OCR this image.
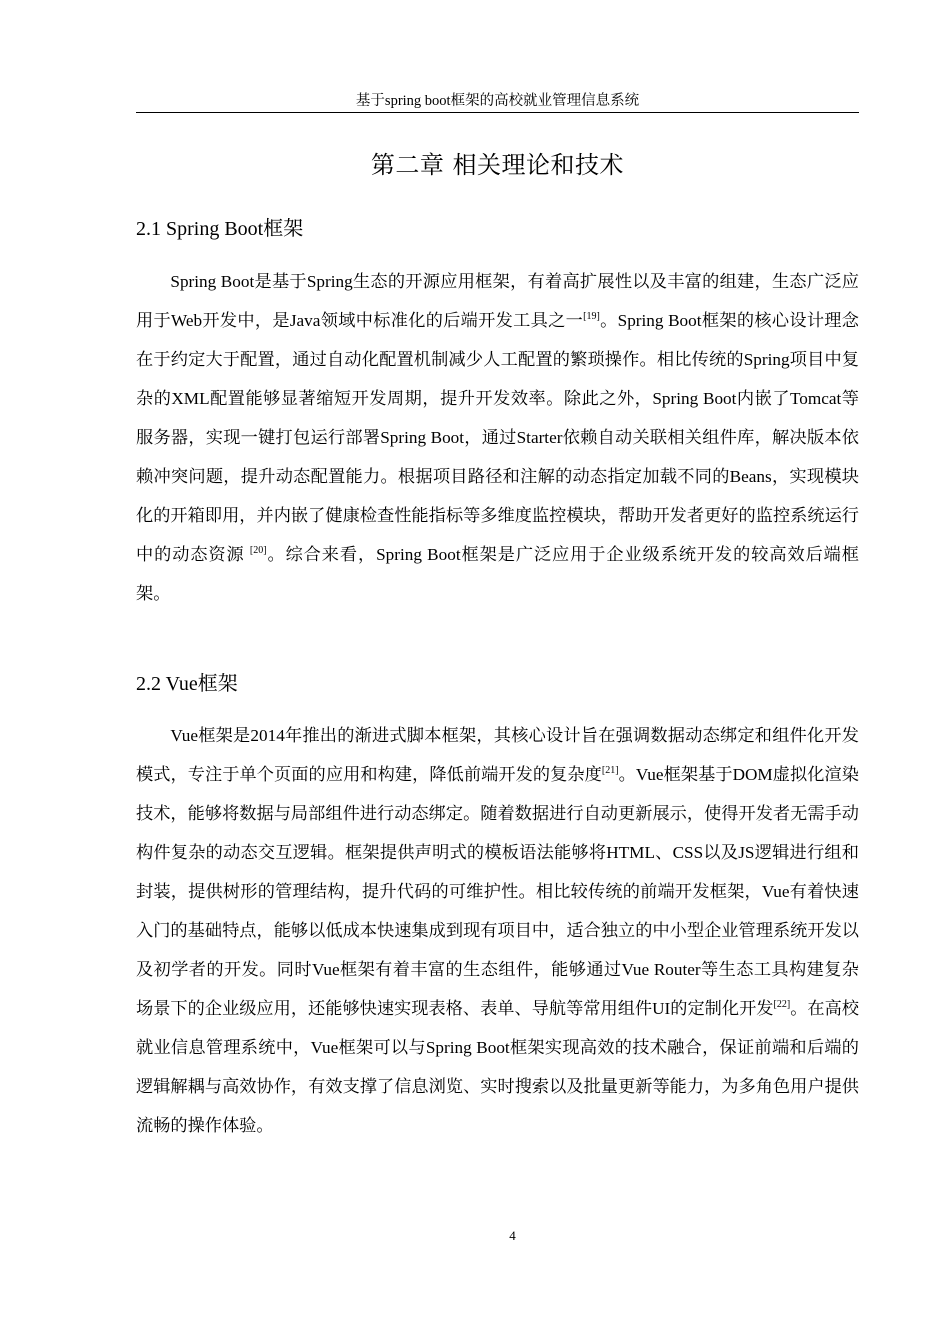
基于spring boot框架的高校就业管理信息系统
第二章 相关理论和技术
2.1 Spring Boot框架

Spring Boot是基于Spring生态的开源应用框架，有着高扩展性以及丰富的组建，生态广泛应用于Web开发中，是Java领域中标准化的后端开发工具之一[19]。Spring Boot框架的核心设计理念在于约定大于配置，通过自动化配置机制减少人工配置的繁琐操作。相比传统的Spring项目中复杂的XML配置能够显著缩短开发周期，提升开发效率。除此之外，Spring Boot内嵌了Tomcat等服务器，实现一键打包运行部署Spring Boot，通过Starter依赖自动关联相关组件库，解决版本依赖冲突问题，提升动态配置能力。根据项目路径和注解的动态指定加载不同的Beans，实现模块化的开箱即用，并内嵌了健康检查性能指标等多维度监控模块，帮助开发者更好的监控系统运行中的动态资源 [20]。综合来看，Spring Boot框架是广泛应用于企业级系统开发的较高效后端框架。

2.2 Vue框架

Vue框架是2014年推出的渐进式脚本框架，其核心设计旨在强调数据动态绑定和组件化开发模式，专注于单个页面的应用和构建，降低前端开发的复杂度[21]。Vue框架基于DOM虚拟化渲染技术，能够将数据与局部组件进行动态绑定。随着数据进行自动更新展示，使得开发者无需手动构件复杂的动态交互逻辑。框架提供声明式的模板语法能够将HTML、CSS以及JS逻辑进行组和封装，提供树形的管理结构，提升代码的可维护性。相比较传统的前端开发框架，Vue有着快速入门的基础特点，能够以低成本快速集成到现有项目中，适合独立的中小型企业管理系统开发以及初学者的开发。同时Vue框架有着丰富的生态组件，能够通过Vue Router等生态工具构建复杂场景下的企业级应用，还能够快速实现表格、表单、导航等常用组件UI的定制化开发[22]。在高校就业信息管理系统中，Vue框架可以与Spring Boot框架实现高效的技术融合，保证前端和后端的逻辑解耦与高效协作，有效支撑了信息浏览、实时搜索以及批量更新等能力，为多角色用户提供流畅的操作体验。

4
